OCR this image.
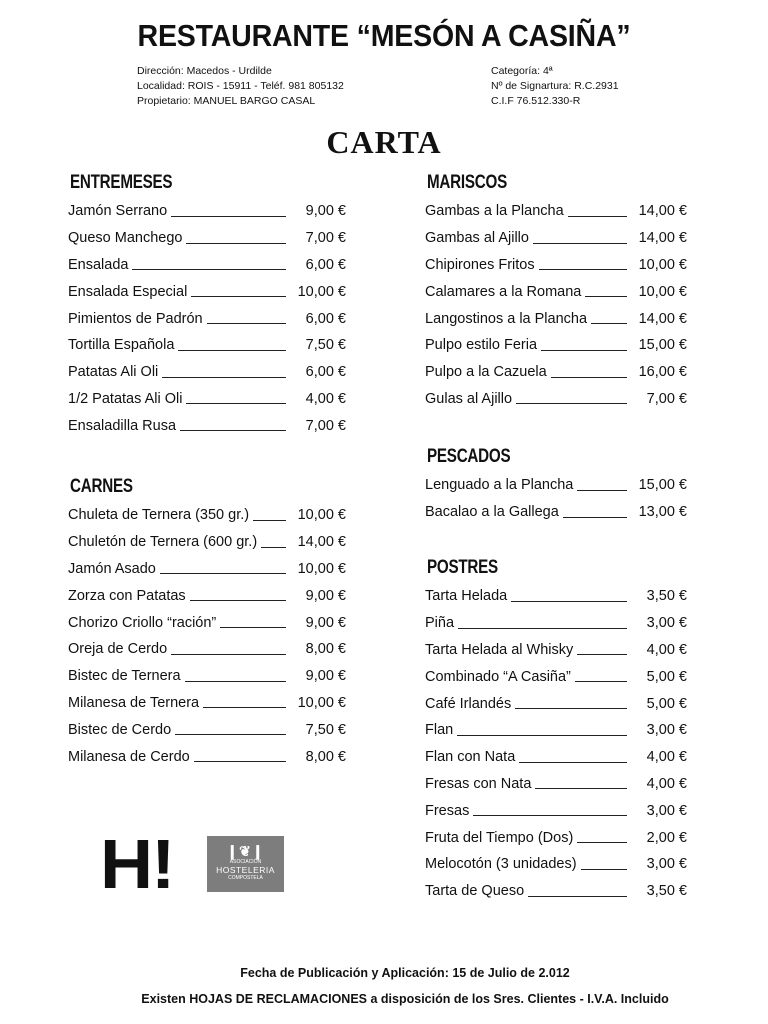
RESTAURANTE “MESÓN A CASIÑA”
Dirección: Macedos - Urdilde
Localidad: ROIS - 15911 - Teléf. 981 805132
Propietario: MANUEL BARGO CASAL
Categoría: 4ª
Nº de Signartura: R.C.2931
C.I.F 76.512.330-R
CARTA
ENTREMESES
Jamón Serrano	9,00 €
Queso Manchego	7,00 €
Ensalada	6,00 €
Ensalada Especial	10,00 €
Pimientos de Padrón	6,00 €
Tortilla Española	7,50 €
Patatas Ali Oli	6,00 €
1/2 Patatas Ali Oli	4,00 €
Ensaladilla Rusa	7,00 €
CARNES
Chuleta de Ternera (350 gr.)	10,00 €
Chuletón de Ternera (600 gr.)	14,00 €
Jamón Asado	10,00 €
Zorza con Patatas	9,00 €
Chorizo Criollo “ración”	9,00 €
Oreja de Cerdo	8,00 €
Bistec de Ternera	9,00 €
Milanesa de Ternera	10,00 €
Bistec de Cerdo	7,50 €
Milanesa de Cerdo	8,00 €
MARISCOS
Gambas a la Plancha	14,00 €
Gambas al Ajillo	14,00 €
Chipirones Fritos	10,00 €
Calamares a la Romana	10,00 €
Langostinos a la Plancha	14,00 €
Pulpo estilo Feria	15,00 €
Pulpo a la Cazuela	16,00 €
Gulas al Ajillo	7,00 €
PESCADOS
Lenguado a la Plancha	15,00 €
Bacalao a la Gallega	13,00 €
POSTRES
Tarta Helada	3,50 €
Piña	3,00 €
Tarta Helada al Whisky	4,00 €
Combinado “A Casiña”	5,00 €
Café Irlandés	5,00 €
Flan	3,00 €
Flan con Nata	4,00 €
Fresas con Nata	4,00 €
Fresas	3,00 €
Fruta del Tiempo (Dos)	2,00 €
Melocotón (3 unidades)	3,00 €
Tarta de Queso	3,50 €
H!	❙❦❙
ASOCIACIÓN
HOSTELERIA
COMPOSTELA
Fecha de Publicación y Aplicación: 15 de Julio de 2.012
Existen HOJAS DE RECLAMACIONES a disposición de los Sres. Clientes - I.V.A. Incluido
